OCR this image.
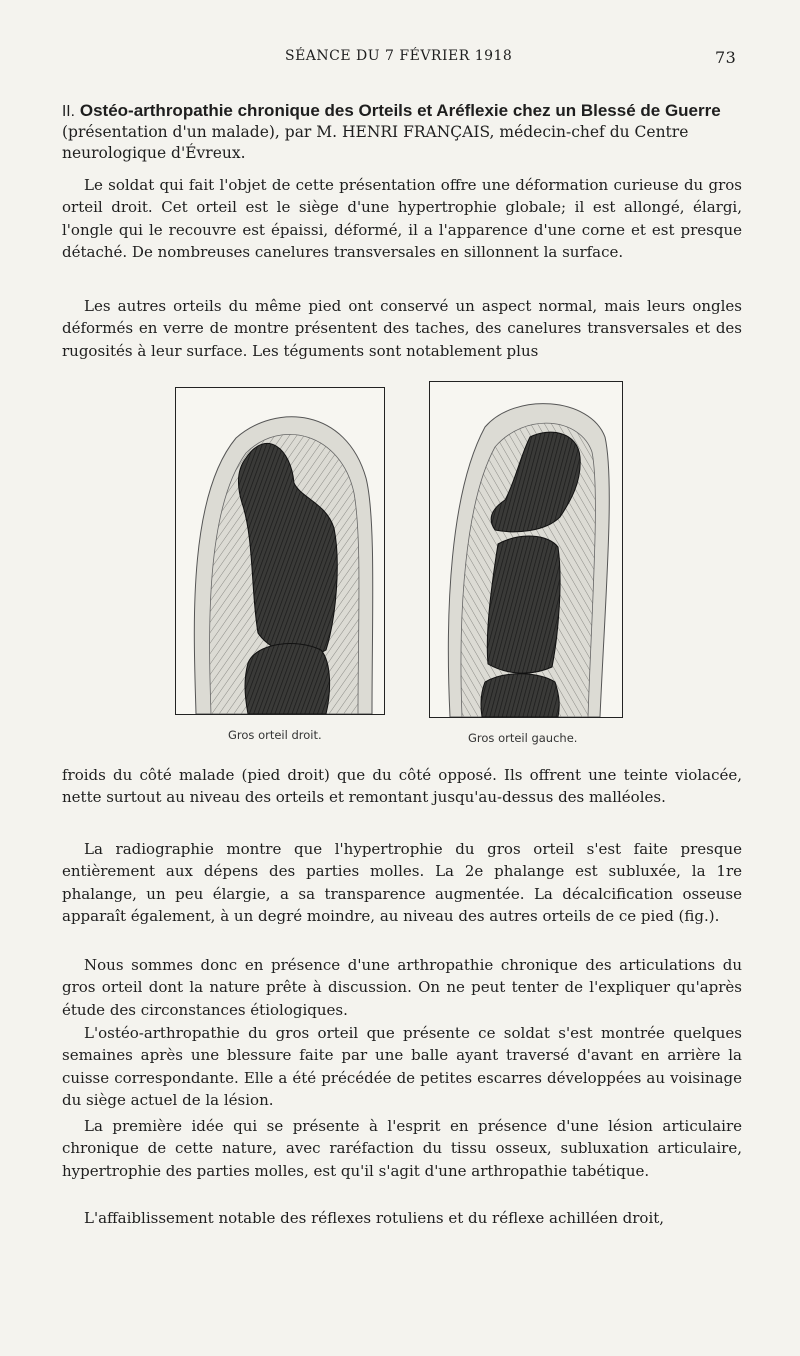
SÉANCE DU 7 FÉVRIER 1918	73
II. Ostéo-arthropathie chronique des Orteils et Aréflexie chez un Blessé de Guerre (présentation d'un malade), par M. HENRI FRANÇAIS, médecin-chef du Centre neurologique d'Évreux.

Le soldat qui fait l'objet de cette présentation offre une déformation curieuse du gros orteil droit. Cet orteil est le siège d'une hypertrophie globale; il est allongé, élargi, l'ongle qui le recouvre est épaissi, déformé, il a l'apparence d'une corne et est presque détaché. De nombreuses canelures transversales en sillonnent la surface.

Les autres orteils du même pied ont conservé un aspect normal, mais leurs ongles déformés en verre de montre présentent des taches, des canelures transversales et des rugosités à leur surface. Les téguments sont notablement plus

Gros orteil droit.	Gros orteil gauche.

froids du côté malade (pied droit) que du côté opposé. Ils offrent une teinte violacée, nette surtout au niveau des orteils et remontant jusqu'au-dessus des malléoles.

La radiographie montre que l'hypertrophie du gros orteil s'est faite presque entièrement aux dépens des parties molles. La 2e phalange est subluxée, la 1re phalange, un peu élargie, a sa transparence augmentée. La décalcification osseuse apparaît également, à un degré moindre, au niveau des autres orteils de ce pied (fig.).

Nous sommes donc en présence d'une arthropathie chronique des articulations du gros orteil dont la nature prête à discussion. On ne peut tenter de l'expliquer qu'après étude des circonstances étiologiques.

L'ostéo-arthropathie du gros orteil que présente ce soldat s'est montrée quelques semaines après une blessure faite par une balle ayant traversé d'avant en arrière la cuisse correspondante. Elle a été précédée de petites escarres développées au voisinage du siège actuel de la lésion.

La première idée qui se présente à l'esprit en présence d'une lésion articulaire chronique de cette nature, avec raréfaction du tissu osseux, subluxation articulaire, hypertrophie des parties molles, est qu'il s'agit d'une arthropathie tabétique.

L'affaiblissement notable des réflexes rotuliens et du réflexe achilléen droit,
